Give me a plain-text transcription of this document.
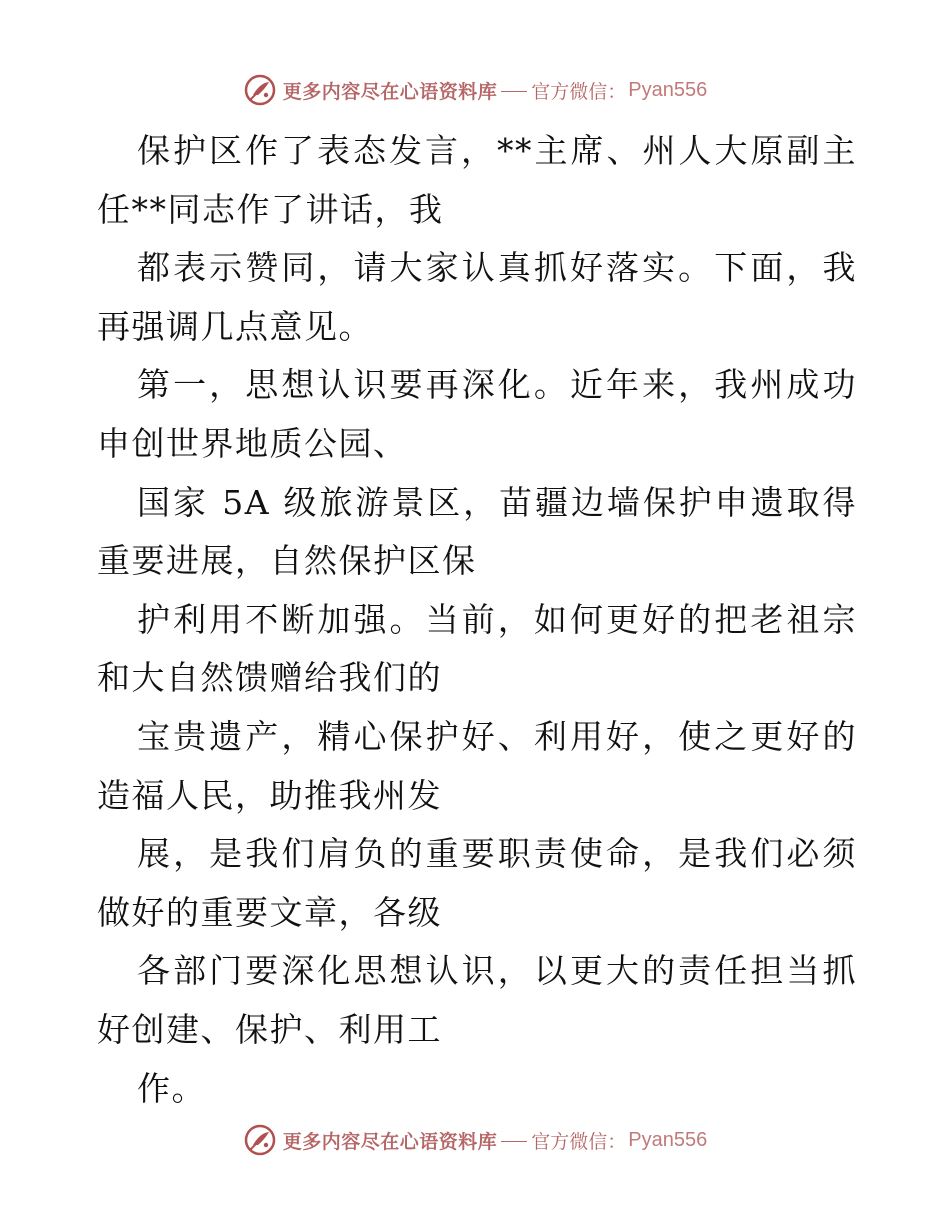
更多内容尽在心语资料库 官方微信： Pyan556

保护区作了表态发言，**主席、州人大原副主任**同志作了讲话，我

都表示赞同，请大家认真抓好落实。下面，我再强调几点意见。

第一，思想认识要再深化。近年来，我州成功申创世界地质公园、

国家 5A 级旅游景区，苗疆边墙保护申遗取得重要进展，自然保护区保

护利用不断加强。当前，如何更好的把老祖宗和大自然馈赠给我们的

宝贵遗产，精心保护好、利用好，使之更好的造福人民，助推我州发

展，是我们肩负的重要职责使命，是我们必须做好的重要文章，各级

各部门要深化思想认识，以更大的责任担当抓好创建、保护、利用工

作。

更多内容尽在心语资料库 官方微信： Pyan556
